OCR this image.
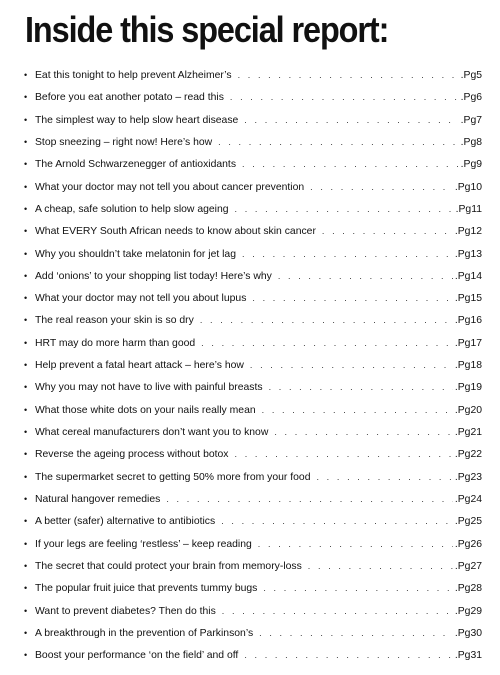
Inside this special report:
• Eat this tonight to help prevent Alzheimer’s . . .	.Pg5
• Before you eat another potato – read this . . .	.Pg6
• The simplest way to help slow heart disease . . .	.Pg7
• Stop sneezing – right now! Here’s how . . .	.Pg8
• The Arnold Schwarzenegger of antioxidants . . .	.Pg9
• What your doctor may not tell you about cancer prevention . . .	.Pg10
• A cheap, safe solution to help slow ageing . . .	.Pg11
• What EVERY South African needs to know about skin cancer . . .	.Pg12
• Why you shouldn’t take melatonin for jet lag . . .	.Pg13
• Add ‘onions’ to your shopping list today! Here’s why . . .	.Pg14
• What your doctor may not tell you about lupus . . .	.Pg15
• The real reason your skin is so dry . . .	.Pg16
• HRT may do more harm than good . . .	.Pg17
• Help prevent a fatal heart attack – here’s how . . .	.Pg18
• Why you may not have to live with painful breasts . . .	.Pg19
• What those white dots on your nails really mean . . .	.Pg20
• What cereal manufacturers don’t want you to know . . .	.Pg21
• Reverse the ageing process without botox . . .	.Pg22
• The supermarket secret to getting 50% more from your food . . .	.Pg23
• Natural hangover remedies . . .	.Pg24
• A better (safer) alternative to antibiotics . . .	.Pg25
• If your legs are feeling ‘restless’ – keep reading . . .	.Pg26
• The secret that could protect your brain from memory-loss . . .	.Pg27
• The popular fruit juice that prevents tummy bugs . . .	.Pg28
• Want to prevent diabetes? Then do this . . .	.Pg29
• A breakthrough in the prevention of Parkinson’s . . .	.Pg30
• Boost your performance ‘on the field’ and off . . .	.Pg31
